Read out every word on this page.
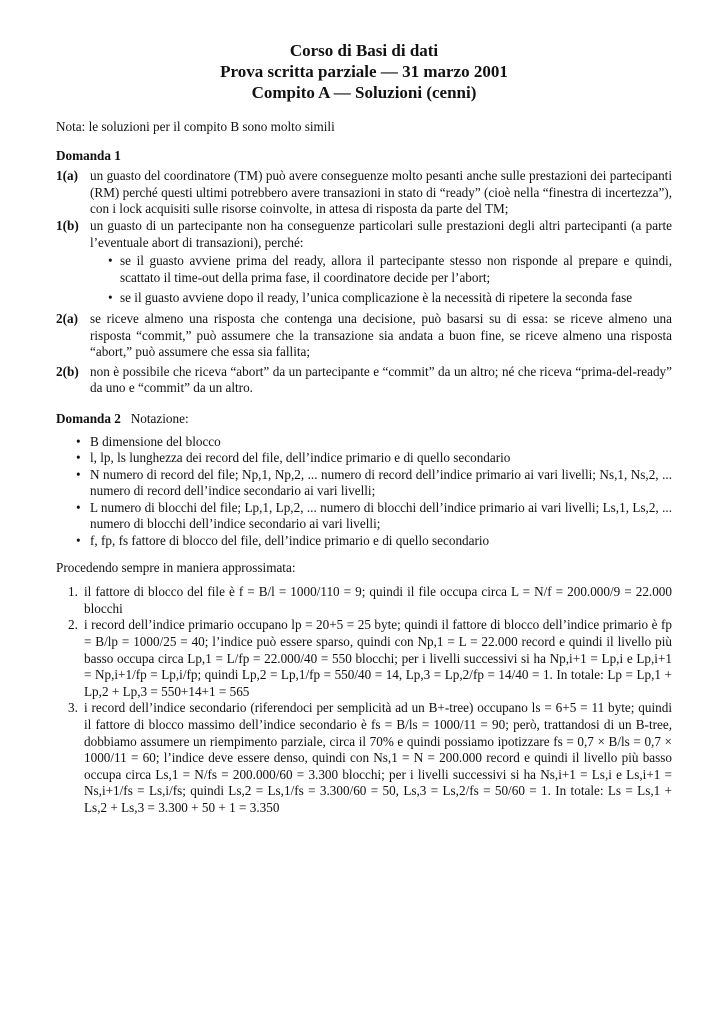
Corso di Basi di dati
Prova scritta parziale — 31 marzo 2001
Compito A — Soluzioni (cenni)

Nota: le soluzioni per il compito B sono molto simili

Domanda 1

1(a) un guasto del coordinatore (TM) può avere conseguenze molto pesanti anche sulle prestazioni dei partecipanti (RM) perché questi ultimi potrebbero avere transazioni in stato di “ready” (cioè nella “finestra di incertezza”), con i lock acquisiti sulle risorse coinvolte, in attesa di risposta da parte del TM;
1(b) un guasto di un partecipante non ha conseguenze particolari sulle prestazioni degli altri partecipanti (a parte l’eventuale abort di transazioni), perché:
• se il guasto avviene prima del ready, allora il partecipante stesso non risponde al prepare e quindi, scattato il time-out della prima fase, il coordinatore decide per l’abort;
• se il guasto avviene dopo il ready, l’unica complicazione è la necessità di ripetere la seconda fase
2(a) se riceve almeno una risposta che contenga una decisione, può basarsi su di essa: se riceve almeno una risposta “commit,” può assumere che la transazione sia andata a buon fine, se riceve almeno una risposta “abort,” può assumere che essa sia fallita;
2(b) non è possibile che riceva “abort” da un partecipante e “commit” da un altro; né che riceva “prima-del-ready” da uno e “commit” da un altro.

Domanda 2 Notazione:

• B dimensione del blocco
• l, lp, ls lunghezza dei record del file, dell’indice primario e di quello secondario
• N numero di record del file; Np,1, Np,2, ... numero di record dell’indice primario ai vari livelli; Ns,1, Ns,2, ... numero di record dell’indice secondario ai vari livelli;
• L numero di blocchi del file; Lp,1, Lp,2, ... numero di blocchi dell’indice primario ai vari livelli; Ls,1, Ls,2, ... numero di blocchi dell’indice secondario ai vari livelli;
• f, fp, fs fattore di blocco del file, dell’indice primario e di quello secondario

Procedendo sempre in maniera approssimata:

1. il fattore di blocco del file è f = B/l = 1000/110 = 9; quindi il file occupa circa L = N/f = 200.000/9 = 22.000 blocchi
2. i record dell’indice primario occupano lp = 20+5 = 25 byte; quindi il fattore di blocco dell’indice primario è fp = B/lp = 1000/25 = 40; l’indice può essere sparso, quindi con Np,1 = L = 22.000 record e quindi il livello più basso occupa circa Lp,1 = L/fp = 22.000/40 = 550 blocchi; per i livelli successivi si ha Np,i+1 = Lp,i e Lp,i+1 = Np,i+1/fp = Lp,i/fp; quindi Lp,2 = Lp,1/fp = 550/40 = 14, Lp,3 = Lp,2/fp = 14/40 = 1. In totale: Lp = Lp,1 + Lp,2 + Lp,3 = 550+14+1 = 565
3. i record dell’indice secondario (riferendoci per semplicità ad un B+-tree) occupano ls = 6+5 = 11 byte; quindi il fattore di blocco massimo dell’indice secondario è fs = B/ls = 1000/11 = 90; però, trattandosi di un B-tree, dobbiamo assumere un riempimento parziale, circa il 70% e quindi possiamo ipotizzare fs = 0,7 × B/ls = 0,7 × 1000/11 = 60; l’indice deve essere denso, quindi con Ns,1 = N = 200.000 record e quindi il livello più basso occupa circa Ls,1 = N/fs = 200.000/60 = 3.300 blocchi; per i livelli successivi si ha Ns,i+1 = Ls,i e Ls,i+1 = Ns,i+1/fs = Ls,i/fs; quindi Ls,2 = Ls,1/fs = 3.300/60 = 50, Ls,3 = Ls,2/fs = 50/60 = 1. In totale: Ls = Ls,1 + Ls,2 + Ls,3 = 3.300 + 50 + 1 = 3.350
